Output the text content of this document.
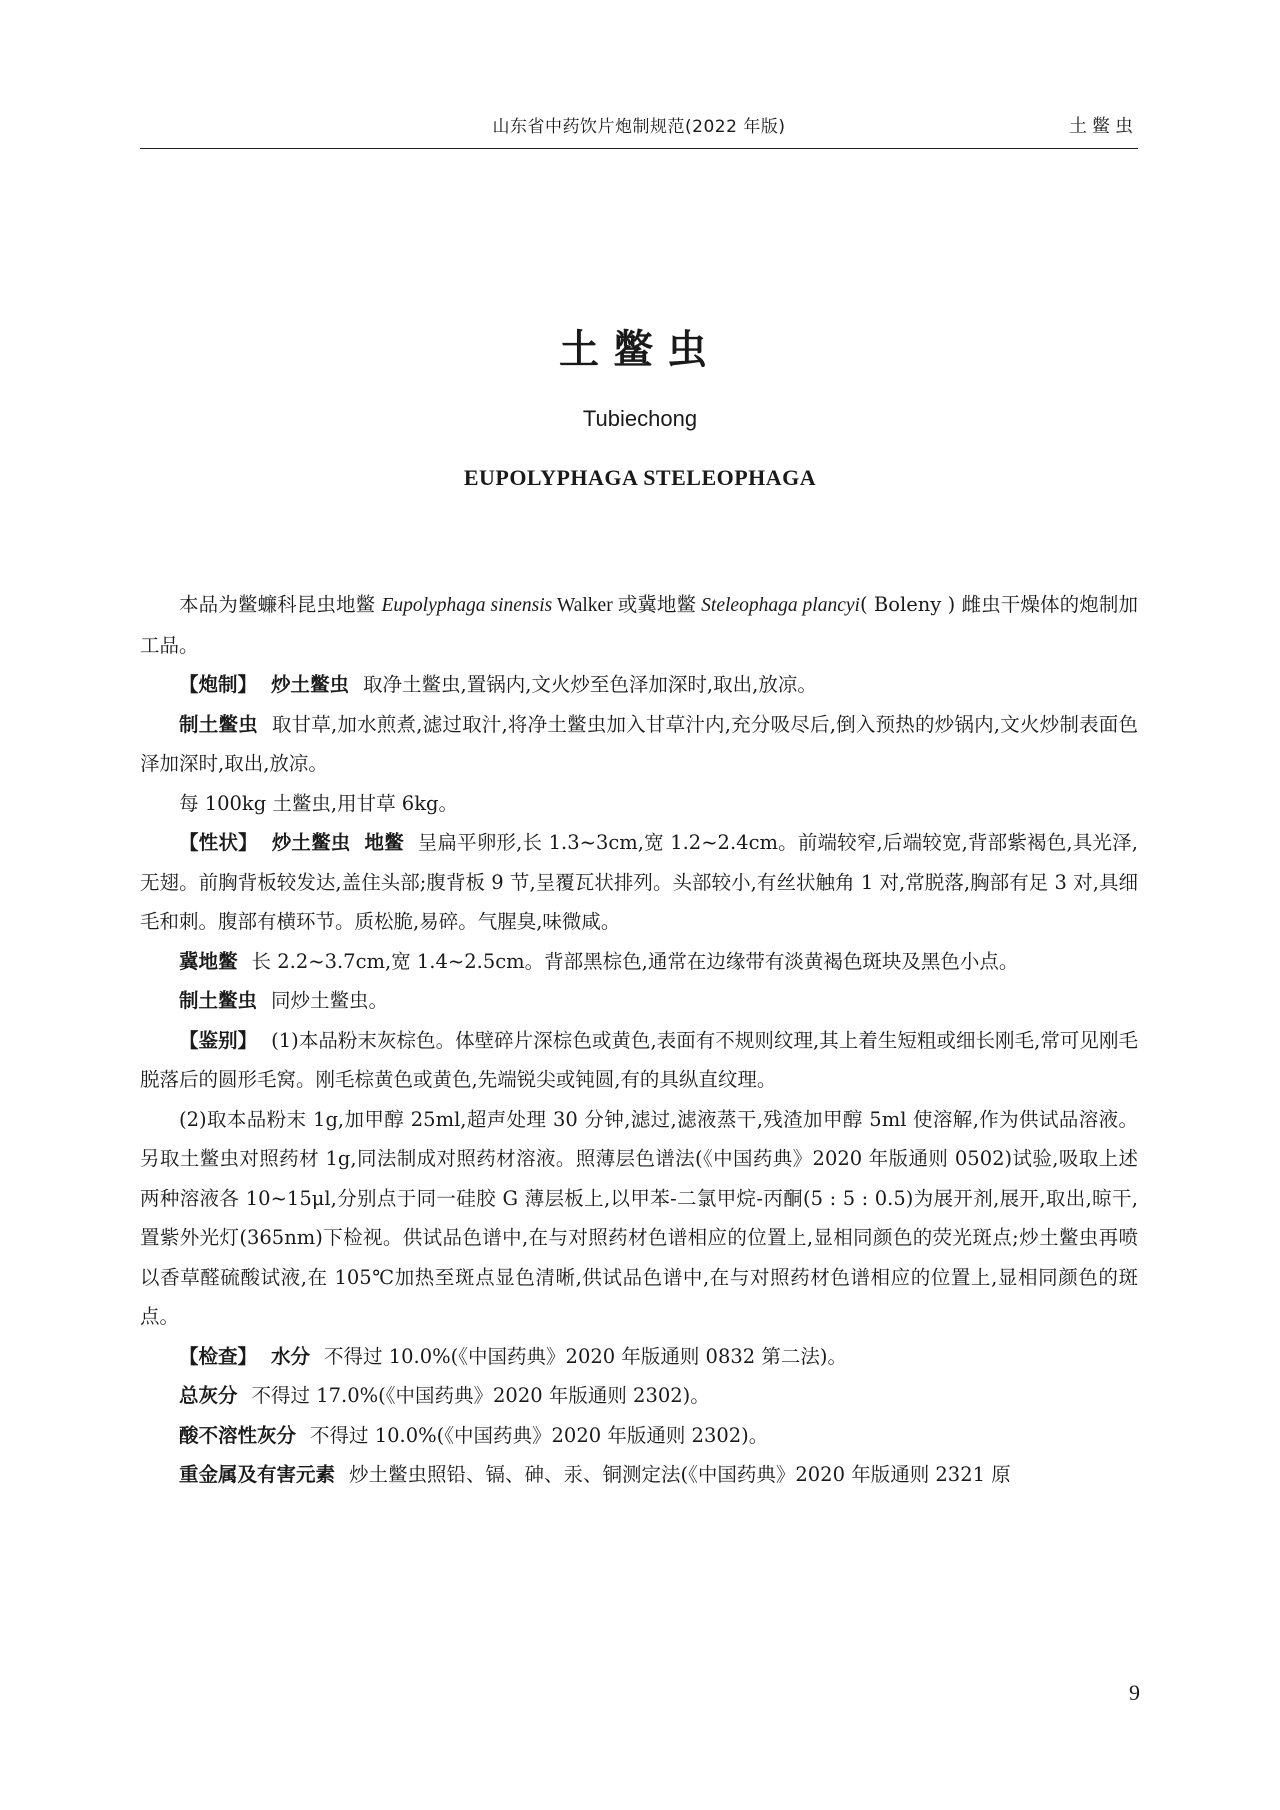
山东省中药饮片炮制规范(2022 年版)	土鳖虫
土鳖虫
Tubiechong
EUPOLYPHAGA STELEOPHAGA

本品为鳖蠊科昆虫地鳖 Eupolyphaga sinensis Walker 或冀地鳖 Steleophaga plancyi( Boleny ) 雌虫干燥体的炮制加工品。

【炮制】 炒土鳖虫 取净土鳖虫,置锅内,文火炒至色泽加深时,取出,放凉。

制土鳖虫 取甘草,加水煎煮,滤过取汁,将净土鳖虫加入甘草汁内,充分吸尽后,倒入预热的炒锅内,文火炒制表面色泽加深时,取出,放凉。

每 100kg 土鳖虫,用甘草 6kg。

【性状】 炒土鳖虫 地鳖 呈扁平卵形,长 1.3~3cm,宽 1.2~2.4cm。前端较窄,后端较宽,背部紫褐色,具光泽,无翅。前胸背板较发达,盖住头部;腹背板 9 节,呈覆瓦状排列。头部较小,有丝状触角 1 对,常脱落,胸部有足 3 对,具细毛和刺。腹部有横环节。质松脆,易碎。气腥臭,味微咸。

冀地鳖 长 2.2~3.7cm,宽 1.4~2.5cm。背部黑棕色,通常在边缘带有淡黄褐色斑块及黑色小点。

制土鳖虫 同炒土鳖虫。

【鉴别】 (1)本品粉末灰棕色。体壁碎片深棕色或黄色,表面有不规则纹理,其上着生短粗或细长刚毛,常可见刚毛脱落后的圆形毛窝。刚毛棕黄色或黄色,先端锐尖或钝圆,有的具纵直纹理。

(2)取本品粉末 1g,加甲醇 25ml,超声处理 30 分钟,滤过,滤液蒸干,残渣加甲醇 5ml 使溶解,作为供试品溶液。另取土鳖虫对照药材 1g,同法制成对照药材溶液。照薄层色谱法(《中国药典》2020 年版通则 0502)试验,吸取上述两种溶液各 10~15μl,分别点于同一硅胶 G 薄层板上,以甲苯-二氯甲烷-丙酮(5 : 5 : 0.5)为展开剂,展开,取出,晾干,置紫外光灯(365nm)下检视。供试品色谱中,在与对照药材色谱相应的位置上,显相同颜色的荧光斑点;炒土鳖虫再喷以香草醛硫酸试液,在 105℃加热至斑点显色清晰,供试品色谱中,在与对照药材色谱相应的位置上,显相同颜色的斑点。

【检查】 水分 不得过 10.0%(《中国药典》2020 年版通则 0832 第二法)。

总灰分 不得过 17.0%(《中国药典》2020 年版通则 2302)。

酸不溶性灰分 不得过 10.0%(《中国药典》2020 年版通则 2302)。

重金属及有害元素 炒土鳖虫照铅、镉、砷、汞、铜测定法(《中国药典》2020 年版通则 2321 原

9
